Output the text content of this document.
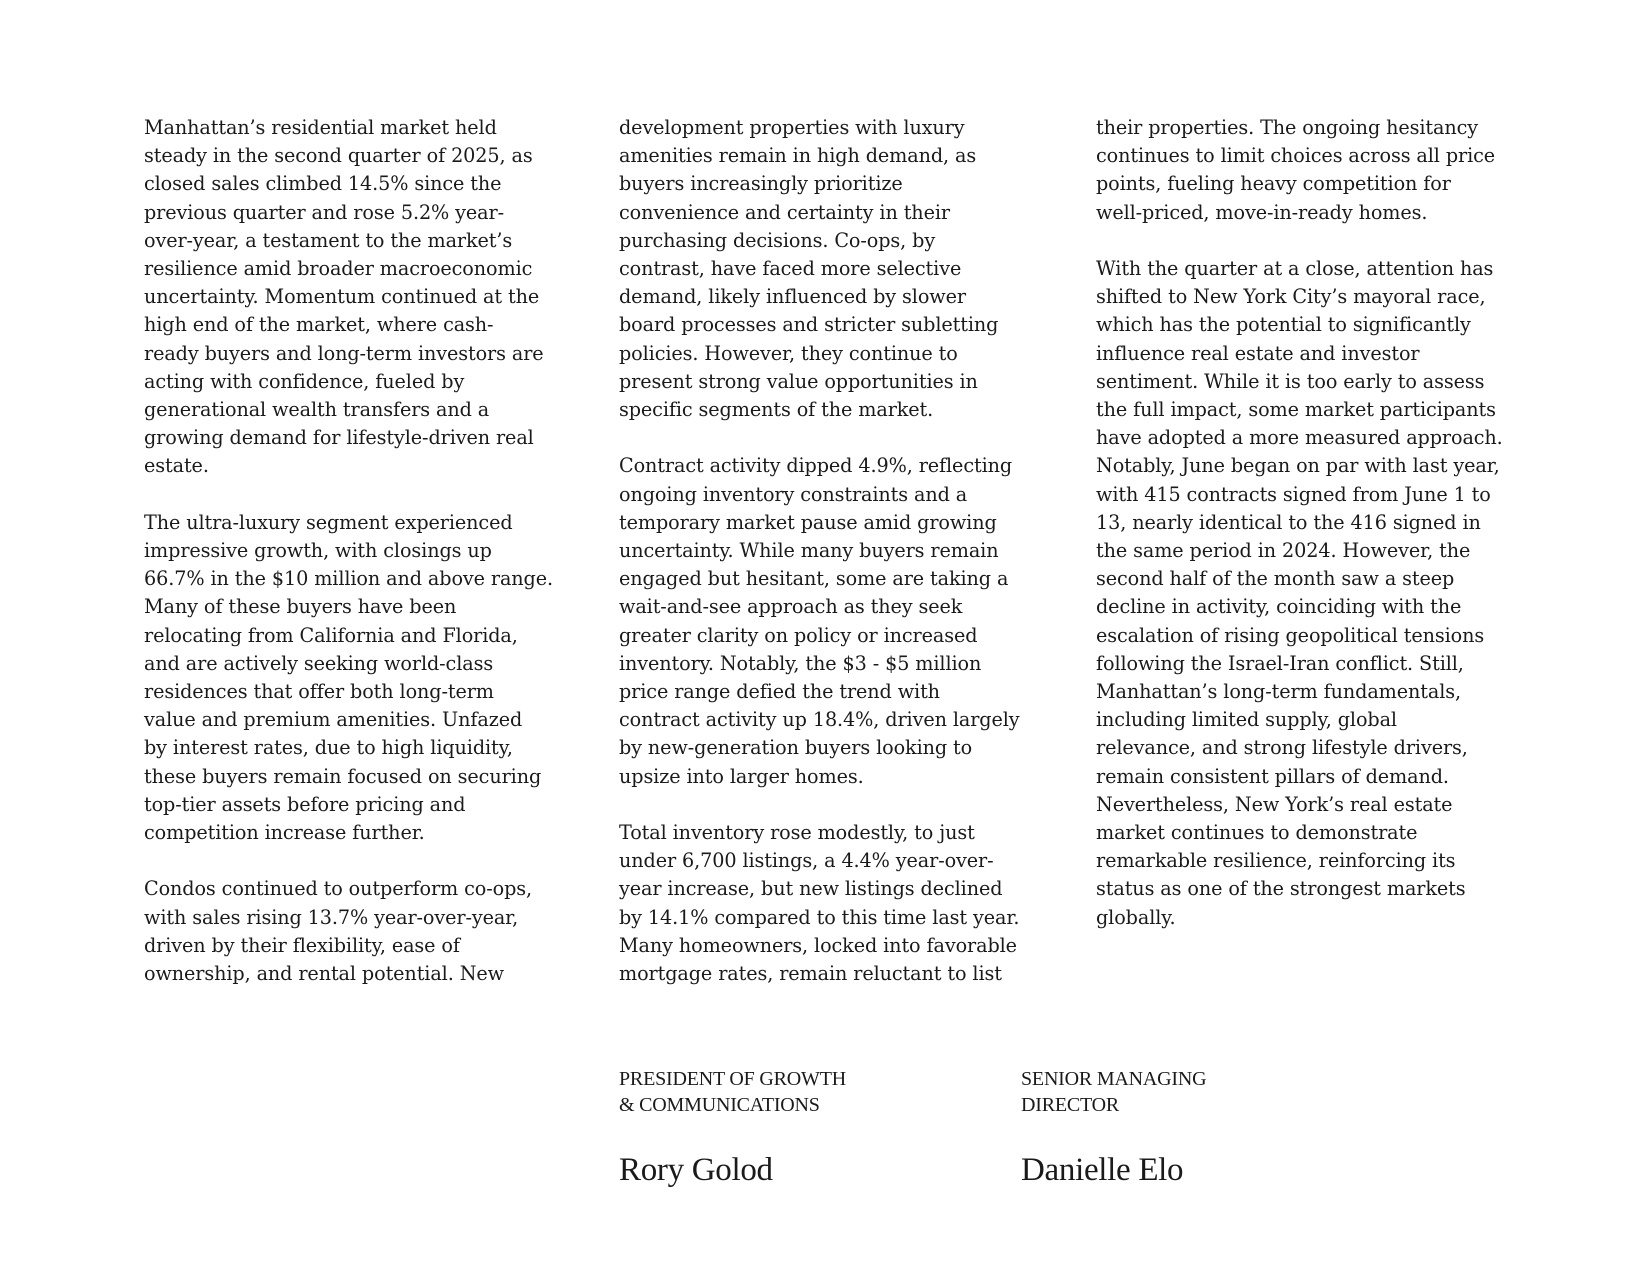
Manhattan’s residential market held
steady in the second quarter of 2025, as
closed sales climbed 14.5% since the
previous quarter and rose 5.2% year-
over-year, a testament to the market’s
resilience amid broader macroeconomic
uncertainty. Momentum continued at the
high end of the market, where cash-
ready buyers and long-term investors are
acting with confidence, fueled by
generational wealth transfers and a
growing demand for lifestyle-driven real
estate.
The ultra-luxury segment experienced
impressive growth, with closings up
66.7% in the $10 million and above range.
Many of these buyers have been
relocating from California and Florida,
and are actively seeking world-class
residences that offer both long-term
value and premium amenities. Unfazed
by interest rates, due to high liquidity,
these buyers remain focused on securing
top-tier assets before pricing and
competition increase further.
Condos continued to outperform co-ops,
with sales rising 13.7% year-over-year,
driven by their flexibility, ease of
ownership, and rental potential. New
development properties with luxury
amenities remain in high demand, as
buyers increasingly prioritize
convenience and certainty in their
purchasing decisions. Co-ops, by
contrast, have faced more selective
demand, likely influenced by slower
board processes and stricter subletting
policies. However, they continue to
present strong value opportunities in
specific segments of the market.
Contract activity dipped 4.9%, reflecting
ongoing inventory constraints and a
temporary market pause amid growing
uncertainty. While many buyers remain
engaged but hesitant, some are taking a
wait-and-see approach as they seek
greater clarity on policy or increased
inventory. Notably, the $3 - $5 million
price range defied the trend with
contract activity up 18.4%, driven largely
by new-generation buyers looking to
upsize into larger homes.
Total inventory rose modestly, to just
under 6,700 listings, a 4.4% year-over-
year increase, but new listings declined
by 14.1% compared to this time last year.
Many homeowners, locked into favorable
mortgage rates, remain reluctant to list
their properties. The ongoing hesitancy
continues to limit choices across all price
points, fueling heavy competition for
well-priced, move-in-ready homes.
With the quarter at a close, attention has
shifted to New York City’s mayoral race,
which has the potential to significantly
influence real estate and investor
sentiment. While it is too early to assess
the full impact, some market participants
have adopted a more measured approach.
Notably, June began on par with last year,
with 415 contracts signed from June 1 to
13, nearly identical to the 416 signed in
the same period in 2024. However, the
second half of the month saw a steep
decline in activity, coinciding with the
escalation of rising geopolitical tensions
following the Israel-Iran conflict. Still,
Manhattan’s long-term fundamentals,
including limited supply, global
relevance, and strong lifestyle drivers,
remain consistent pillars of demand.
Nevertheless, New York’s real estate
market continues to demonstrate
remarkable resilience, reinforcing its
status as one of the strongest markets
globally.
PRESIDENT OF GROWTH
& COMMUNICATIONS
Rory Golod
SENIOR MANAGING
DIRECTOR
Danielle Elo
